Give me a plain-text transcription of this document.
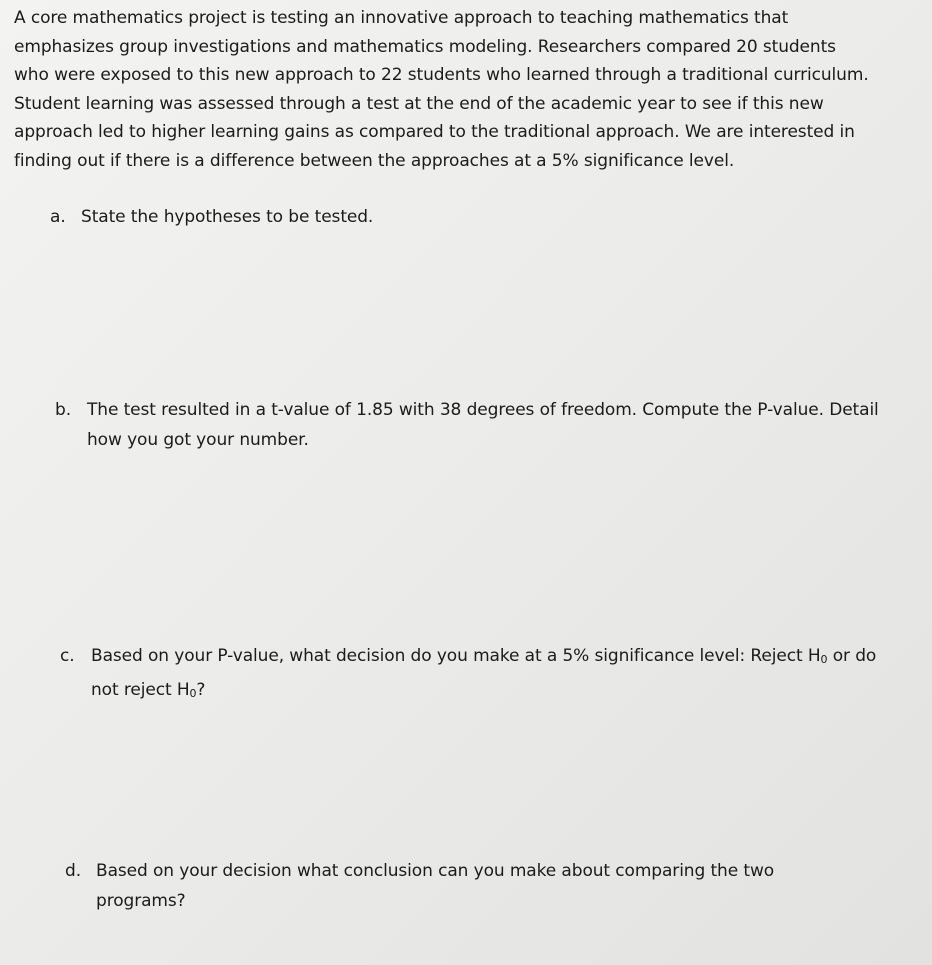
A core mathematics project is testing an innovative approach to teaching mathematics that emphasizes group investigations and mathematics modeling. Researchers compared 20 students who were exposed to this new approach to 22 students who learned through a traditional curriculum. Student learning was assessed through a test at the end of the academic year to see if this new approach led to higher learning gains as compared to the traditional approach. We are interested in finding out if there is a difference between the approaches at a 5% significance level.

a. State the hypotheses to be tested.
b. The test resulted in a t-value of 1.85 with 38 degrees of freedom. Compute the P-value. Detail how you got your number.
c. Based on your P-value, what decision do you make at a 5% significance level: Reject H0 or do not reject H0?
d. Based on your decision what conclusion can you make about comparing the two programs?
